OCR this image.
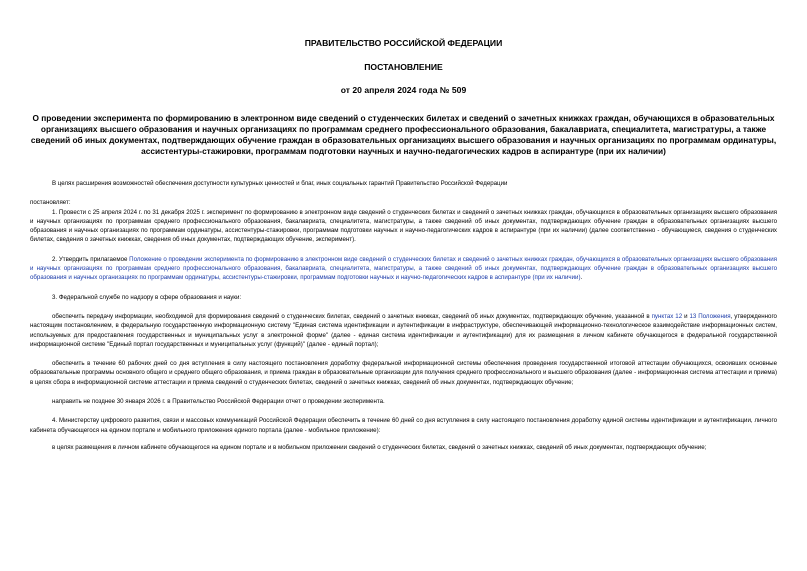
ПРАВИТЕЛЬСТВО РОССИЙСКОЙ ФЕДЕРАЦИИ
ПОСТАНОВЛЕНИЕ
от 20 апреля 2024 года № 509
О проведении эксперимента по формированию в электронном виде сведений о студенческих билетах и сведений о зачетных книжках граждан, обучающихся в образовательных организациях высшего образования и научных организациях по программам среднего профессионального образования, бакалавриата, специалитета, магистратуры, а также сведений об иных документах, подтверждающих обучение граждан в образовательных организациях высшего образования и научных организациях по программам ординатуры, ассистентуры-стажировки, программам подготовки научных и научно-педагогических кадров в аспирантуре (при их наличии)

В целях расширения возможностей обеспечения доступности культурных ценностей и благ, иных социальных гарантий Правительство Российской Федерации

постановляет:

1. Провести с 25 апреля 2024 г. по 31 декабря 2025 г. эксперимент по формированию в электронном виде сведений о студенческих билетах и сведений о зачетных книжках граждан, обучающихся в образовательных организациях высшего образования и научных организациях по программам среднего профессионального образования, бакалавриата, специалитета, магистратуры, а также сведений об иных документах, подтверждающих обучение граждан в образовательных организациях высшего образования и научных организациях по программам ординатуры, ассистентуры-стажировки, программам подготовки научных и научно-педагогических кадров в аспирантуре (при их наличии) (далее соответственно - обучающиеся, сведения о студенческих билетах, сведения о зачетных книжках, сведения об иных документах, подтверждающих обучение, эксперимент).

2. Утвердить прилагаемое Положение о проведении эксперимента по формированию в электронном виде сведений о студенческих билетах и сведений о зачетных книжках граждан, обучающихся в образовательных организациях высшего образования и научных организациях по программам среднего профессионального образования, бакалавриата, специалитета, магистратуры, а также сведений об иных документах, подтверждающих обучение граждан в образовательных организациях высшего образования и научных организациях по программам ординатуры, ассистентуры-стажировки, программам подготовки научных и научно-педагогических кадров в аспирантуре (при их наличии).

3. Федеральной службе по надзору в сфере образования и науки:

обеспечить передачу информации, необходимой для формирования сведений о студенческих билетах, сведений о зачетных книжках, сведений об иных документах, подтверждающих обучение, указанной в пунктах 12 и 13 Положения, утвержденного настоящим постановлением, в федеральную государственную информационную систему "Единая система идентификации и аутентификации в инфраструктуре, обеспечивающей информационно-технологическое взаимодействие информационных систем, используемых для предоставления государственных и муниципальных услуг в электронной форме" (далее - единая система идентификации и аутентификации) для их размещения в личном кабинете обучающегося в федеральной государственной информационной системе "Единый портал государственных и муниципальных услуг (функций)" (далее - единый портал);

обеспечить в течение 60 рабочих дней со дня вступления в силу настоящего постановления доработку федеральной информационной системы обеспечения проведения государственной итоговой аттестации обучающихся, освоивших основные образовательные программы основного общего и среднего общего образования, и приема граждан в образовательные организации для получения среднего профессионального и высшего образования (далее - информационная система аттестации и приема) в целях сбора в информационной системе аттестации и приема сведений о студенческих билетах, сведений о зачетных книжках, сведений об иных документах, подтверждающих обучение;

направить не позднее 30 января 2026 г. в Правительство Российской Федерации отчет о проведении эксперимента.

4. Министерству цифрового развития, связи и массовых коммуникаций Российской Федерации обеспечить в течение 60 дней со дня вступления в силу настоящего постановления доработку единой системы идентификации и аутентификации, личного кабинета обучающегося на едином портале и мобильного приложения единого портала (далее - мобильное приложение):

в целях размещения в личном кабинете обучающегося на едином портале и в мобильном приложении сведений о студенческих билетах, сведений о зачетных книжках, сведений об иных документах, подтверждающих обучение;
